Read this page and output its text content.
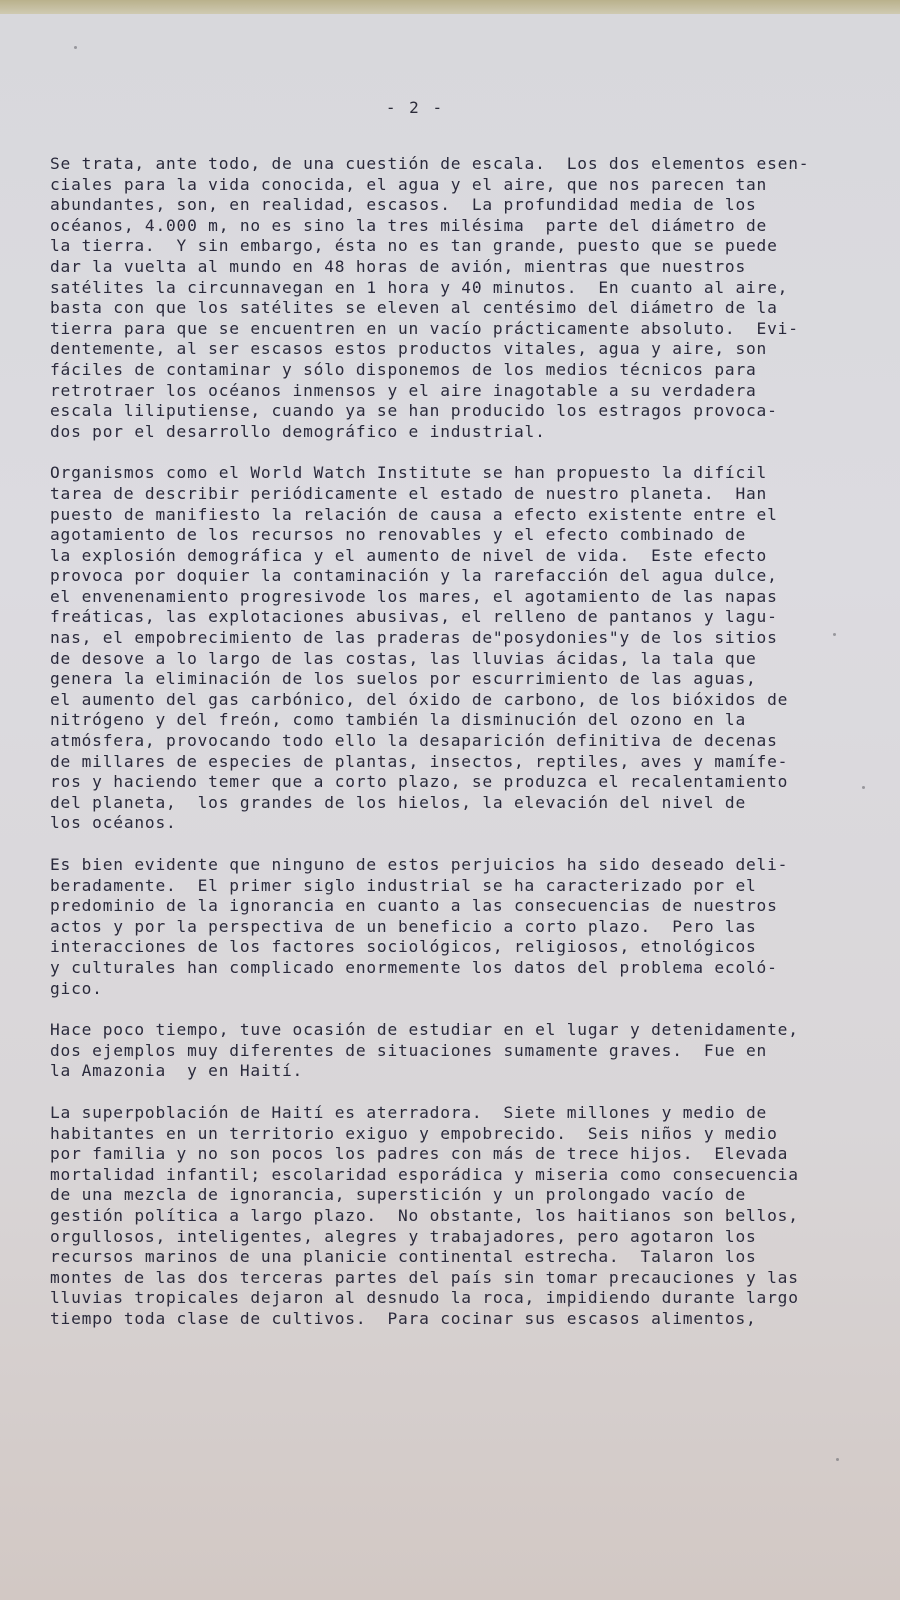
- 2 -
Se trata, ante todo, de una cuestión de escala.  Los dos elementos esen-
ciales para la vida conocida, el agua y el aire, que nos parecen tan
abundantes, son, en realidad, escasos.  La profundidad media de los
océanos, 4.000 m, no es sino la tres milésima  parte del diámetro de
la tierra.  Y sin embargo, ésta no es tan grande, puesto que se puede
dar la vuelta al mundo en 48 horas de avión, mientras que nuestros
satélites la circunnavegan en 1 hora y 40 minutos.  En cuanto al aire,
basta con que los satélites se eleven al centésimo del diámetro de la
tierra para que se encuentren en un vacío prácticamente absoluto.  Evi-
dentemente, al ser escasos estos productos vitales, agua y aire, son
fáciles de contaminar y sólo disponemos de los medios técnicos para
retrotraer los océanos inmensos y el aire inagotable a su verdadera
escala liliputiense, cuando ya se han producido los estragos provoca-
dos por el desarrollo demográfico e industrial.
Organismos como el World Watch Institute se han propuesto la difícil
tarea de describir periódicamente el estado de nuestro planeta.  Han
puesto de manifiesto la relación de causa a efecto existente entre el
agotamiento de los recursos no renovables y el efecto combinado de
la explosión demográfica y el aumento de nivel de vida.  Este efecto
provoca por doquier la contaminación y la rarefacción del agua dulce,
el envenenamiento progresivode los mares, el agotamiento de las napas
freáticas, las explotaciones abusivas, el relleno de pantanos y lagu-
nas, el empobrecimiento de las praderas de"posydonies"y de los sitios
de desove a lo largo de las costas, las lluvias ácidas, la tala que
genera la eliminación de los suelos por escurrimiento de las aguas,
el aumento del gas carbónico, del óxido de carbono, de los bióxidos de
nitrógeno y del freón, como también la disminución del ozono en la
atmósfera, provocando todo ello la desaparición definitiva de decenas
de millares de especies de plantas, insectos, reptiles, aves y mamífe-
ros y haciendo temer que a corto plazo, se produzca el recalentamiento
del planeta,  los grandes de los hielos, la elevación del nivel de
los océanos.
Es bien evidente que ninguno de estos perjuicios ha sido deseado deli-
beradamente.  El primer siglo industrial se ha caracterizado por el
predominio de la ignorancia en cuanto a las consecuencias de nuestros
actos y por la perspectiva de un beneficio a corto plazo.  Pero las
interacciones de los factores sociológicos, religiosos, etnológicos
y culturales han complicado enormemente los datos del problema ecoló-
gico.
Hace poco tiempo, tuve ocasión de estudiar en el lugar y detenidamente,
dos ejemplos muy diferentes de situaciones sumamente graves.  Fue en
la Amazonia  y en Haití.
La superpoblación de Haití es aterradora.  Siete millones y medio de
habitantes en un territorio exiguo y empobrecido.  Seis niños y medio
por familia y no son pocos los padres con más de trece hijos.  Elevada
mortalidad infantil; escolaridad esporádica y miseria como consecuencia
de una mezcla de ignorancia, superstición y un prolongado vacío de
gestión política a largo plazo.  No obstante, los haitianos son bellos,
orgullosos, inteligentes, alegres y trabajadores, pero agotaron los
recursos marinos de una planicie continental estrecha.  Talaron los
montes de las dos terceras partes del país sin tomar precauciones y las
lluvias tropicales dejaron al desnudo la roca, impidiendo durante largo
tiempo toda clase de cultivos.  Para cocinar sus escasos alimentos,
